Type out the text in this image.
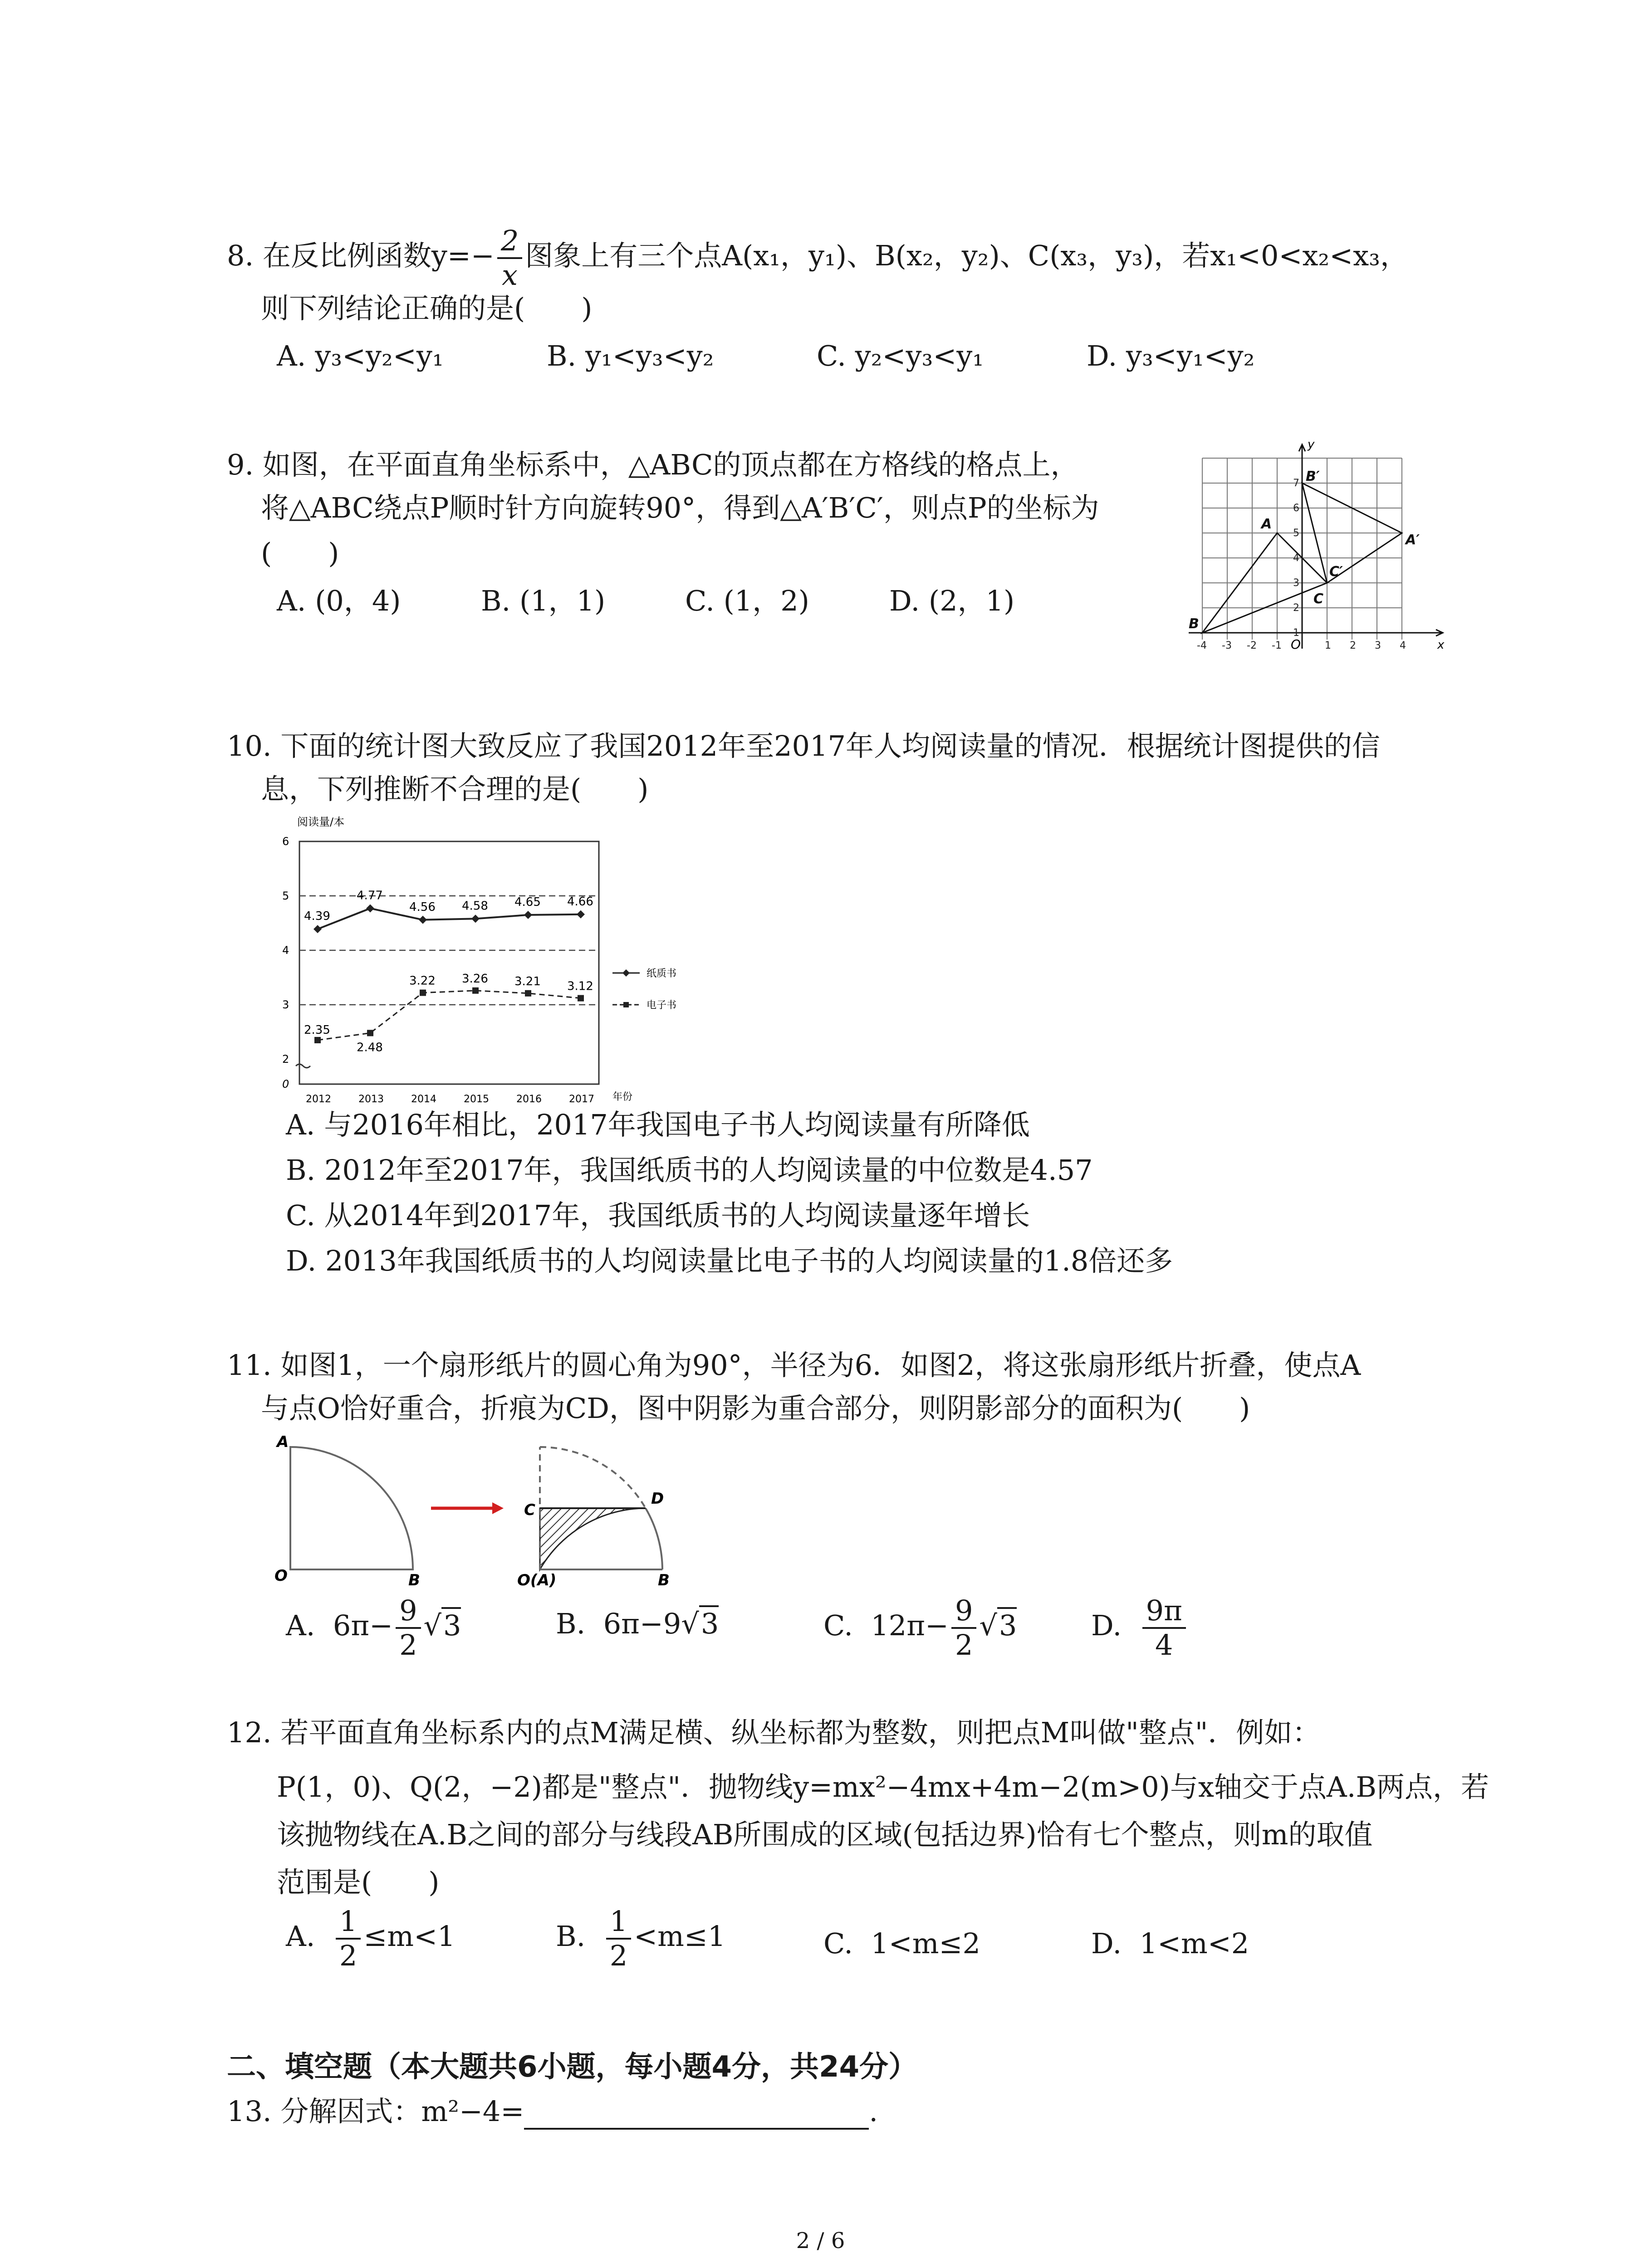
8. 在反比例函数$y=- \frac{2}{x}$ 图象上有三个点A(x₁，y₁)、B(x₂，y₂)、C(x₃，y₃)，若x₁<0<x₂<x₃，
则下列结论正确的是(　　)
A. y₃<y₂<y₁	B. y₁<y₃<y₂	C. y₂<y₃<y₁	D. y₃<y₁<y₂
9. 如图，在平面直角坐标系中，△ABC的顶点都在方格线的格点上，
将△ABC绕点P顺时针方向旋转90°，得到△A′B′C′，则点P的坐标为
(　　)
A. (0，4)	B. (1，1)	C. (1，2)	D. (2，1)
y
x
O
-4 -3 -2 -1	1 2 3 4
1
2
3
4
5
6
7
A
B
C
A′
B′
C′
10. 下面的统计图大致反应了我国2012年至2017年人均阅读量的情况．根据统计图提供的信
息，下列推断不合理的是(　　)
阅读量/本
年份
0
2
3
4
5
6
2012	2013	2014	2015	2016	2017
4.39
4.77
4.56 4.58 4.65 4.66
2.35
2.48
3.22 3.26 3.21 3.12
纸质书
电子书
A. 与2016年相比，2017年我国电子书人均阅读量有所降低
B. 2012年至2017年，我国纸质书的人均阅读量的中位数是4.57
C. 从2014年到2017年，我国纸质书的人均阅读量逐年增长
D. 2013年我国纸质书的人均阅读量比电子书的人均阅读量的1.8倍还多
11. 如图1，一个扇形纸片的圆心角为90°，半径为6．如图2，将这张扇形纸片折叠，使点A
与点O恰好重合，折痕为CD，图中阴影为重合部分，则阴影部分的面积为(　　)
A
O	B
C
D
O(A)	B
A. $6\pi- \frac{9}{2} √3$	B. 6π−9√3	C. $12\pi- \frac{9}{2} √3$	D. $\frac{9\pi}{4}$
12. 若平面直角坐标系内的点M满足横、纵坐标都为整数，则把点M叫做"整点"．例如：
P(1，0)、Q(2，−2)都是"整点"．抛物线y=mx²−4mx+4m−2(m>0)与x轴交于点A.B两点，若
该抛物线在A.B之间的部分与线段AB所围成的区域(包括边界)恰有七个整点，则m的取值
范围是(　　)
A. $\frac{1}{2} \le m<1$	B. $\frac{1}{2} <m\le 1$	C. 1<m≤2	D. 1<m<2
二、填空题（本大题共6小题，每小题4分，共24分）
13. 分解因式：m²−4=	.
2 / 6
